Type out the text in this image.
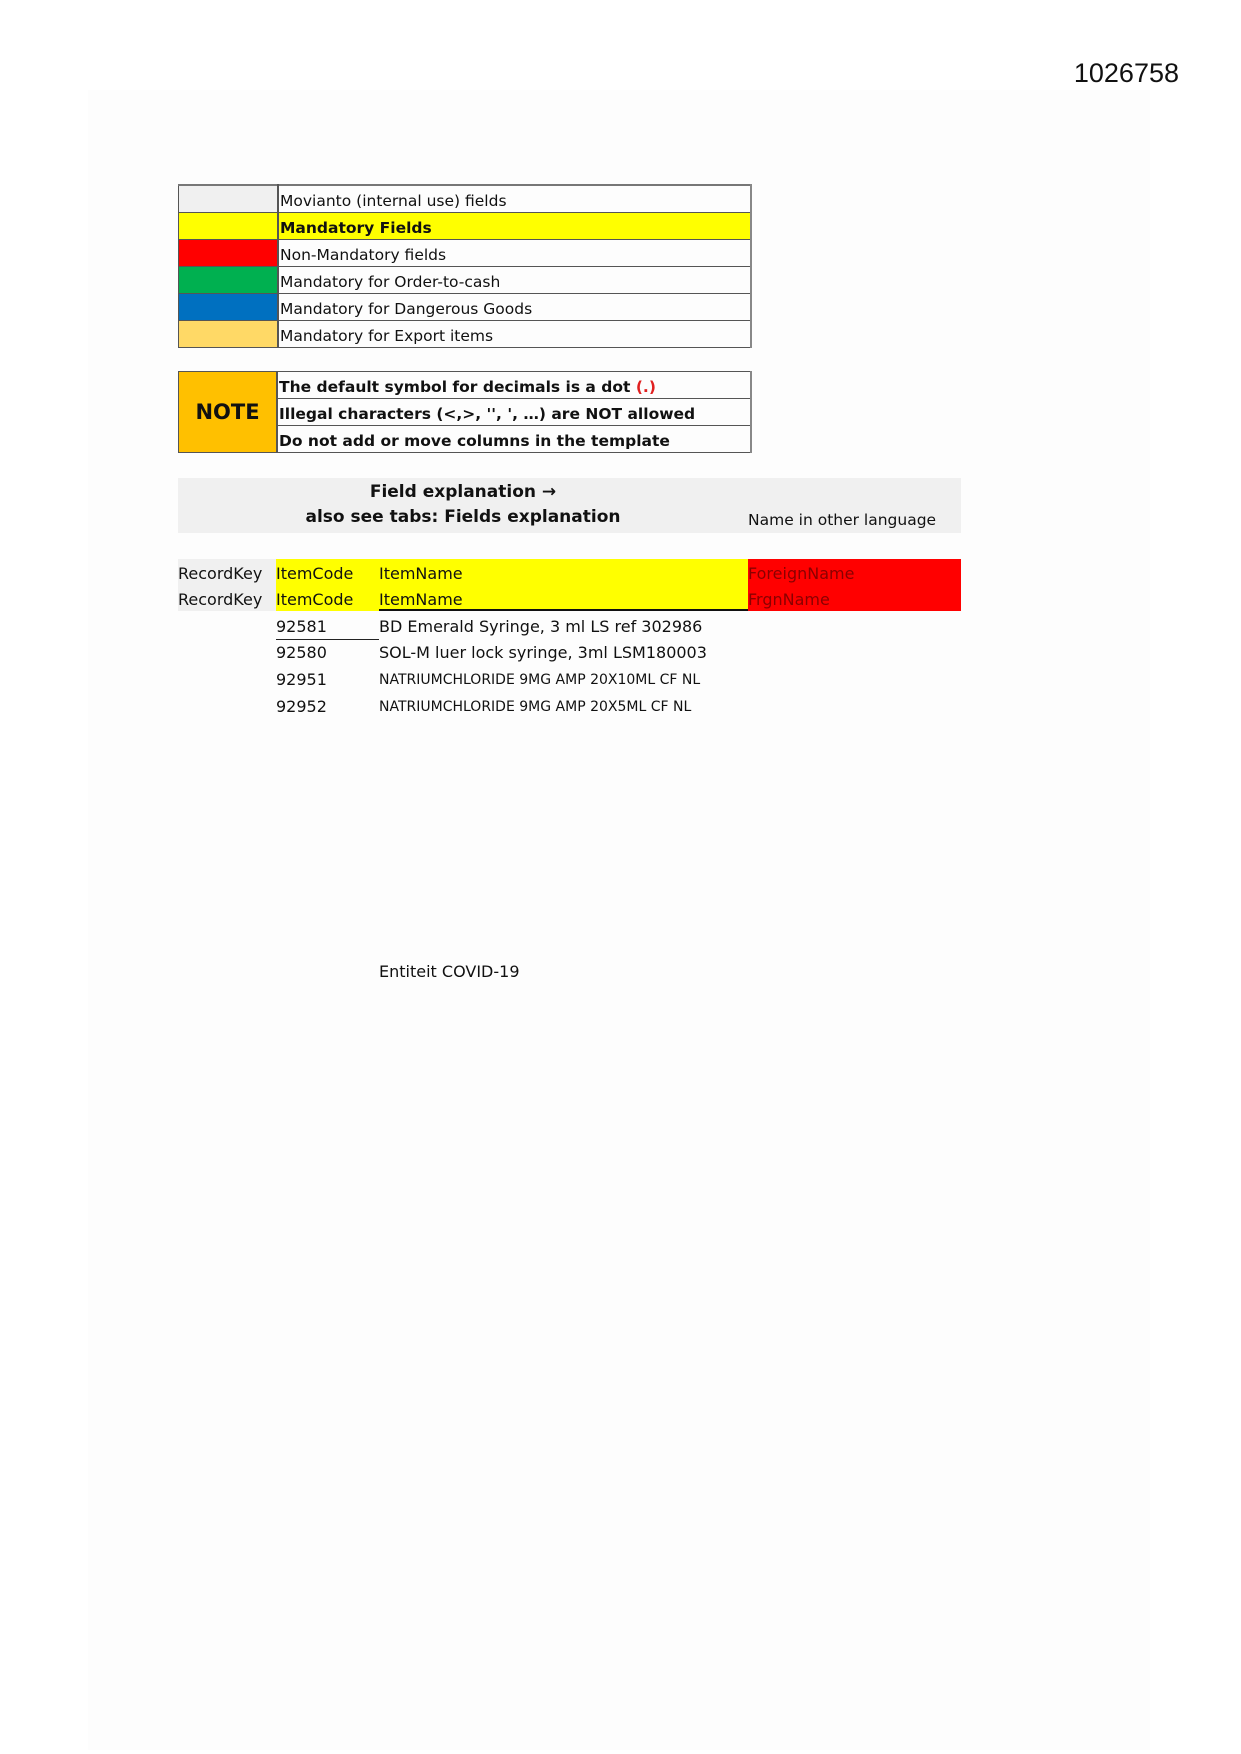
1026758
	Movianto (internal use) fields
	Mandatory Fields
	Non-Mandatory fields
	Mandatory for Order-to-cash
	Mandatory for Dangerous Goods
	Mandatory for Export items
NOTE	The default symbol for decimals is a dot (.)
Illegal characters (<,>, '', ', …) are NOT allowed
Do not add or move columns in the template
Field explanation →
also see tabs: Fields explanation	Name in other language
RecordKey ItemCode	ItemName	ForeignName
RecordKey ItemCode	ItemName	FrgnName
92581	BD Emerald Syringe, 3 ml LS ref 302986
92580	SOL-M luer lock syringe, 3ml LSM180003
92951	NATRIUMCHLORIDE 9MG AMP 20X10ML CF NL
92952	NATRIUMCHLORIDE 9MG AMP 20X5ML CF NL
Entiteit COVID-19
